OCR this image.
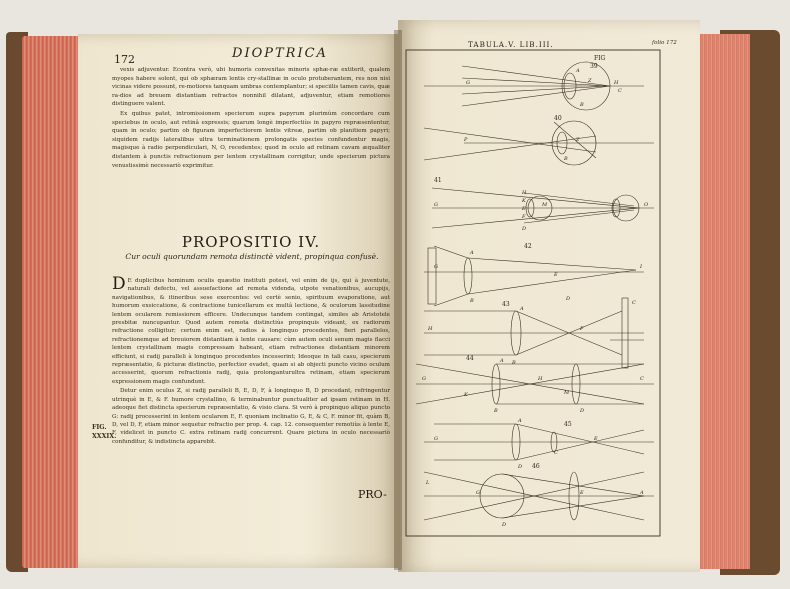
172	DIOPTRICA

vexis adjuventur. Econtra verò, ubi humoris convexitas minoris sphæ-ræ extiterit, qualem myopes habere solent, qui ob sphæram lentis cry-stallinæ in oculo protuberantem, res non nisi vicinas videre possunt, re-motiores tanquam umbras contemplantur; si speciilis tamen cavis, quæ ra-dios ad breuem distantiam refractos nonnihil dilatant, adjuventur, etiam remotiores distinguere valent.

Ex quibus patet, intromissionem specierum supra papyrum plurimùm concordare cum speciebus in oculo, aut retinâ expressis; quarum longè imperfectiùs in papyro repræsententur, quam in oculo; partim ob figuram imperfectiorem lentis vitreæ, partim ob planitiem papyri; siquidem radijs lateralibus ultra terminationem prolongatis species confundentur magis, magisque à radio perpendiculari, N, O, recedentes; quod in oculo ad retinam cavam æqualiter distantem à punctis refractionum per lentem crystallinam corrigitur, unde specierum pictura venustissimè necessariò exprimitur.

PROPOSITIO IV.
Cur oculi quorundam remota distinctè vident, propinqua confusè.

D E duplicibus hominum oculis quæstio instituti potest, vel enim de ijs, qui à juventute, naturali defectu, vel assuefactione ad remota videnda, utpote venationibus, aucupijs, navigationibus, & itineribus sese exercentes: vel certè senio, spirituum evaporatione, aut humorum exsiccatione, & contractione tunicellarum ex multâ lectione, & oculorum lassitudine lentem ocularem remissiorem efficere. Undecunque tandem contingat, similes ab Aristotele presbitæ nuncupantur. Quod autem remota distinctiùs propinquis videant, ex radiorum refractione colligitur; certum enim est, radios à longinquo procedentes, fieri parallelos, refractionemque ad breuiorem distantiam à lente causare: cùm autem oculi senum magis flacci lentem crystallinam magis compressam habeant, etiam refractiones distantiam minorem efficiunt, si radij paralleli à longinquo procedentes incesserint; Ideoque in tali casu, specierum repræsentatio, & picturæ distinctio, perfectior evadet, quam si ab objecti puncto vicino oculum accesserint, quorum refractionis radij, quia prolonganturultra retinam, etiam specierum expressionem magis confundunt.

Detur enim oculus Z, si radij paralleli B, E, D, F, à longinquo B, D procedant, refringentur utrinquè in E, & F. humore crystallino, & terminabuntur punctualiter ad ipsam retinam in H. adeoque fiet distincta specierum repræsentatio, & visio clara. Si verò à propinquo aliquo puncto G: radij processerint in lentem ocularem E, F. quoniam inclinatio G, E, & C, F. minor fit, quàm B, D, vel D, F, etiam minor sequetur refractio per prop. 4. cap. 12. consequenter remotiùs à lente E, F, videlicet in puncto C. extra retinam radij concurrent. Quare pictura in oculo necessariò confunditur, & indistincta apparebit.

FIG.
XXXIX.
PRO-
TABULA.V. LIB.III.	folio 172
FIG
39
40
41
42
43
44
45
46
G
A
Z	H
B
C
P	Z
B
H
K
E
F
M
G	O
D
G
B
A
E
I
D
H
A
F
C
B
A
G	H
M
C
K
B	D
A
G
C
E
D
L
G
D
E	A
